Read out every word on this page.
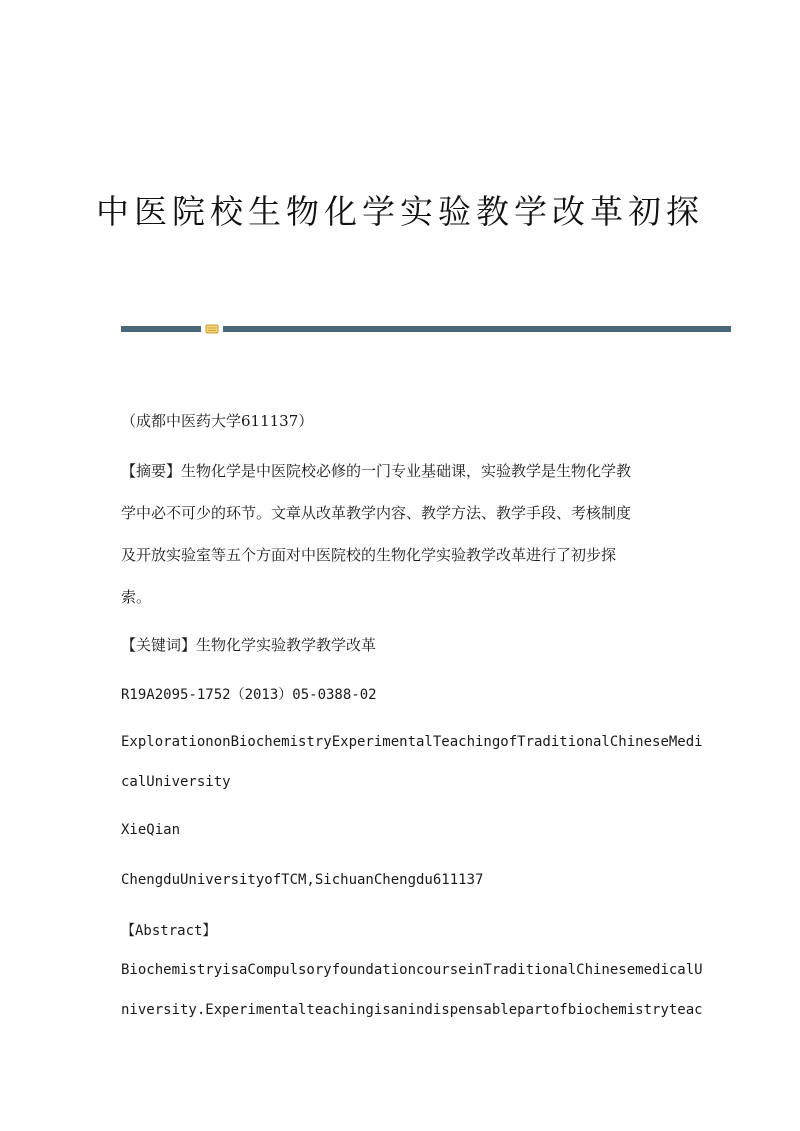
中医院校生物化学实验教学改革初探

（成都中医药大学611137）

【摘要】生物化学是中医院校必修的一门专业基础课，实验教学是生物化学教

学中必不可少的环节。文章从改革教学内容、教学方法、教学手段、考核制度

及开放实验室等五个方面对中医院校的生物化学实验教学改革进行了初步探

索。

【关键词】生物化学实验教学教学改革

R19A2095-1752（2013）05-0388-02

ExplorationonBiochemistryExperimentalTeachingofTraditionalChineseMedi

calUniversity

XieQian

ChengduUniversityofTCM,SichuanChengdu611137

【Abstract】

BiochemistryisaCompulsoryfoundationcourseinTraditionalChinesemedicalU

niversity.Experimentalteachingisanindispensablepartofbiochemistryteac
